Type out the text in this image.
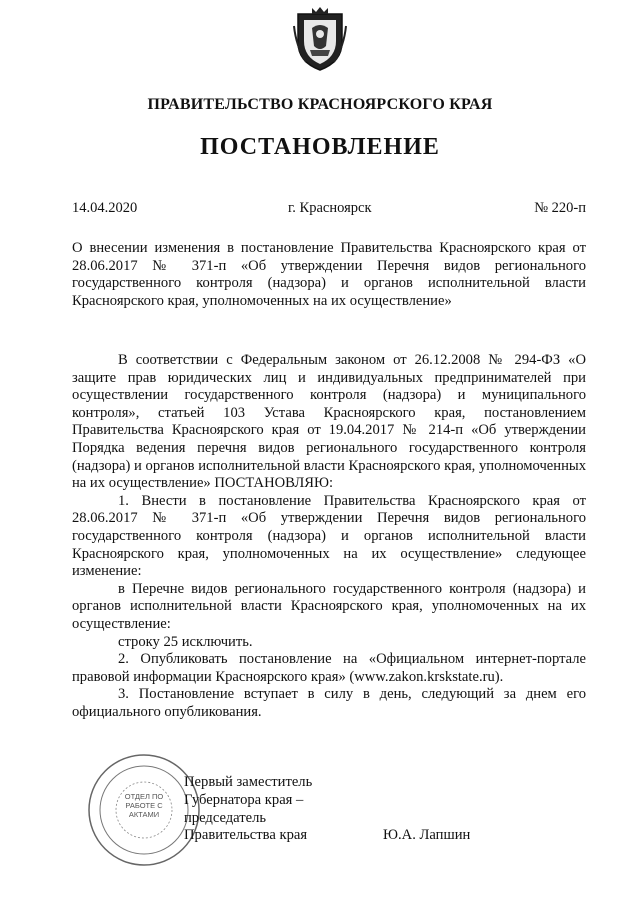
ПРАВИТЕЛЬСТВО КРАСНОЯРСКОГО КРАЯ
ПОСТАНОВЛЕНИЕ
14.04.2020	г. Красноярск	№ 220-п
О внесении изменения в постановление Правительства Красноярского края от 28.06.2017 № 371-п «Об утверждении Перечня видов регионального государственного контроля (надзора) и органов исполнительной власти Красноярского края, уполномоченных на их осуществление»

В соответствии с Федеральным законом от 26.12.2008 № 294-ФЗ «О защите прав юридических лиц и индивидуальных предпринимателей при осуществлении государственного контроля (надзора) и муниципального контроля», статьей 103 Устава Красноярского края, постановлением Правительства Красноярского края от 19.04.2017 № 214-п «Об утверждении Порядка ведения перечня видов регионального государственного контроля (надзора) и органов исполнительной власти Красноярского края, уполномоченных на их осуществление» ПОСТАНОВЛЯЮ:

1. Внести в постановление Правительства Красноярского края от 28.06.2017 № 371-п «Об утверждении Перечня видов регионального государственного контроля (надзора) и органов исполнительной власти Красноярского края, уполномоченных на их осуществление» следующее изменение:

в Перечне видов регионального государственного контроля (надзора) и органов исполнительной власти Красноярского края, уполномоченных на их осуществление:

строку 25 исключить.

2. Опубликовать постановление на «Официальном интернет-портале правовой информации Красноярского края» (www.zakon.krskstate.ru).

3. Постановление вступает в силу в день, следующий за днем его официального опубликования.

ОТДЕЛ ПО РАБОТЕ С АКТАМИ
Первый заместитель
Губернатора края –
председатель
Правительства края	Ю.А. Лапшин
